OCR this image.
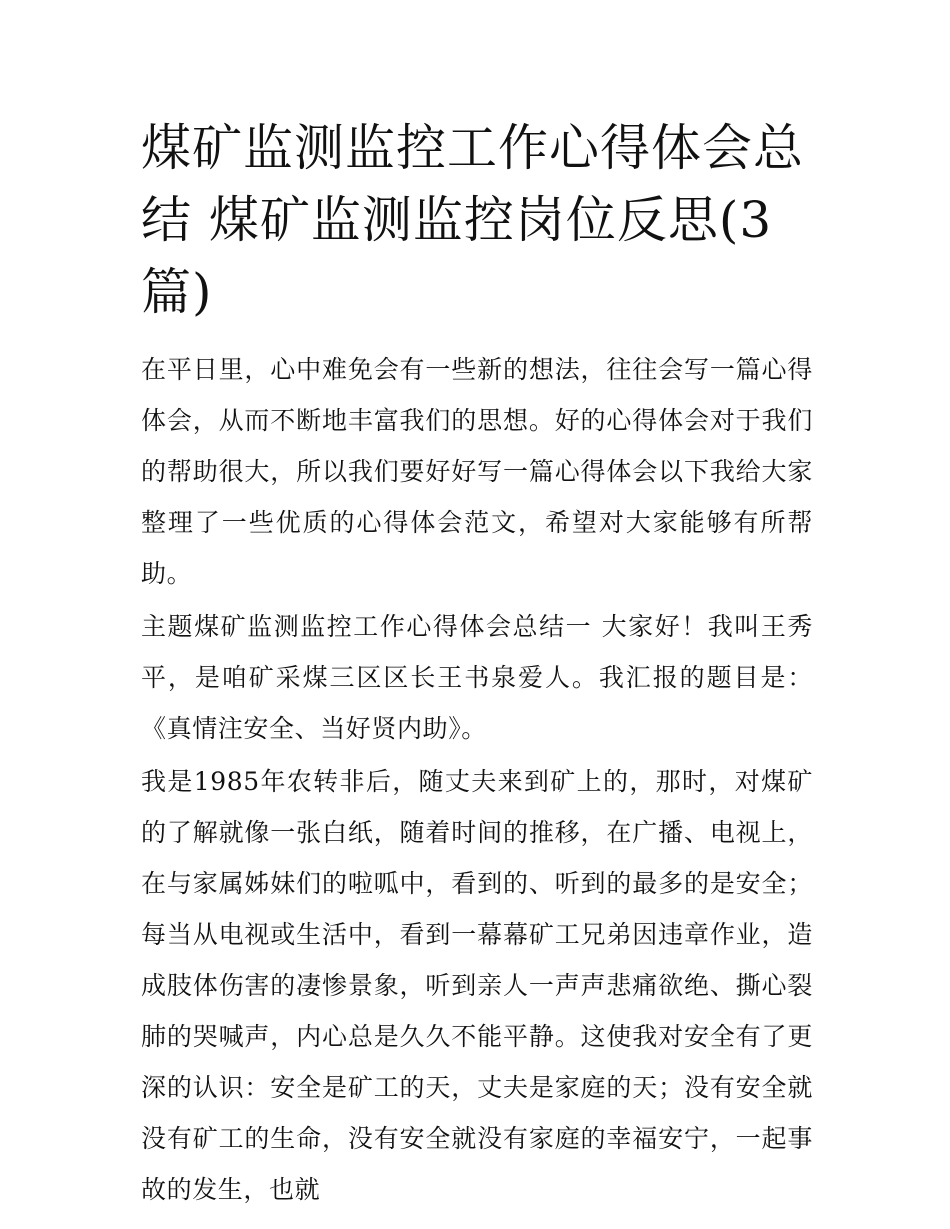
煤矿监测监控工作心得体会总结 煤矿监测监控岗位反思(3篇)

在平日里，心中难免会有一些新的想法，往往会写一篇心得体会，从而不断地丰富我们的思想。好的心得体会对于我们的帮助很大，所以我们要好好写一篇心得体会以下我给大家整理了一些优质的心得体会范文，希望对大家能够有所帮助。

主题煤矿监测监控工作心得体会总结一 大家好！我叫王秀平，是咱矿采煤三区区长王书泉爱人。我汇报的题目是：《真情注安全、当好贤内助》。

我是1985年农转非后，随丈夫来到矿上的，那时，对煤矿的了解就像一张白纸，随着时间的推移，在广播、电视上，在与家属姊妹们的啦呱中，看到的、听到的最多的是安全；每当从电视或生活中，看到一幕幕矿工兄弟因违章作业，造成肢体伤害的凄惨景象，听到亲人一声声悲痛欲绝、撕心裂肺的哭喊声，内心总是久久不能平静。这使我对安全有了更深的认识：安全是矿工的天，丈夫是家庭的天；没有安全就没有矿工的生命，没有安全就没有家庭的幸福安宁，一起事故的发生，也就
